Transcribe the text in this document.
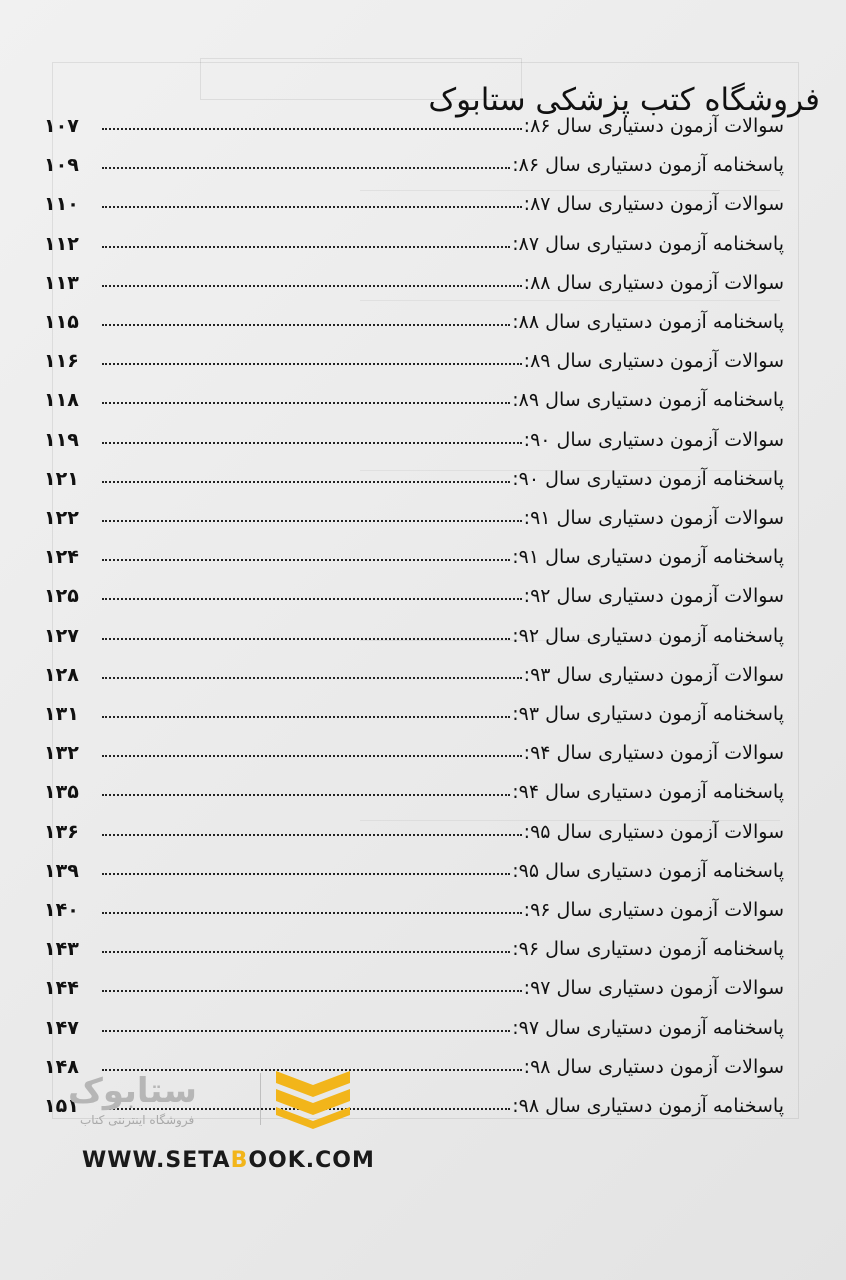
فروشگاه کتب پزشکی ستابوک
۱۰۷	سوالات آزمون دستیاری سال ۸۶:
۱۰۹	پاسخنامه آزمون دستیاری سال ۸۶:
۱۱۰	سوالات آزمون دستیاری سال ۸۷:
۱۱۲	پاسخنامه آزمون دستیاری سال ۸۷:
۱۱۳	سوالات آزمون دستیاری سال ۸۸:
۱۱۵	پاسخنامه آزمون دستیاری سال ۸۸:
۱۱۶	سوالات آزمون دستیاری سال ۸۹:
۱۱۸	پاسخنامه آزمون دستیاری سال ۸۹:
۱۱۹	سوالات آزمون دستیاری سال ۹۰:
۱۲۱	پاسخنامه آزمون دستیاری سال ۹۰:
۱۲۲	سوالات آزمون دستیاری سال ۹۱:
۱۲۴	پاسخنامه آزمون دستیاری سال ۹۱:
۱۲۵	سوالات آزمون دستیاری سال ۹۲:
۱۲۷	پاسخنامه آزمون دستیاری سال ۹۲:
۱۲۸	سوالات آزمون دستیاری سال ۹۳:
۱۳۱	پاسخنامه آزمون دستیاری سال ۹۳:
۱۳۲	سوالات آزمون دستیاری سال ۹۴:
۱۳۵	پاسخنامه آزمون دستیاری سال ۹۴:
۱۳۶	سوالات آزمون دستیاری سال ۹۵:
۱۳۹	پاسخنامه آزمون دستیاری سال ۹۵:
۱۴۰	سوالات آزمون دستیاری سال ۹۶:
۱۴۳	پاسخنامه آزمون دستیاری سال ۹۶:
۱۴۴	سوالات آزمون دستیاری سال ۹۷:
۱۴۷	پاسخنامه آزمون دستیاری سال ۹۷:
۱۴۸	سوالات آزمون دستیاری سال ۹۸:
۱۵۱	پاسخنامه آزمون دستیاری سال ۹۸:
ستابوک
فروشگاه اینترنتی کتاب
WWW.SETABOOK.COM
